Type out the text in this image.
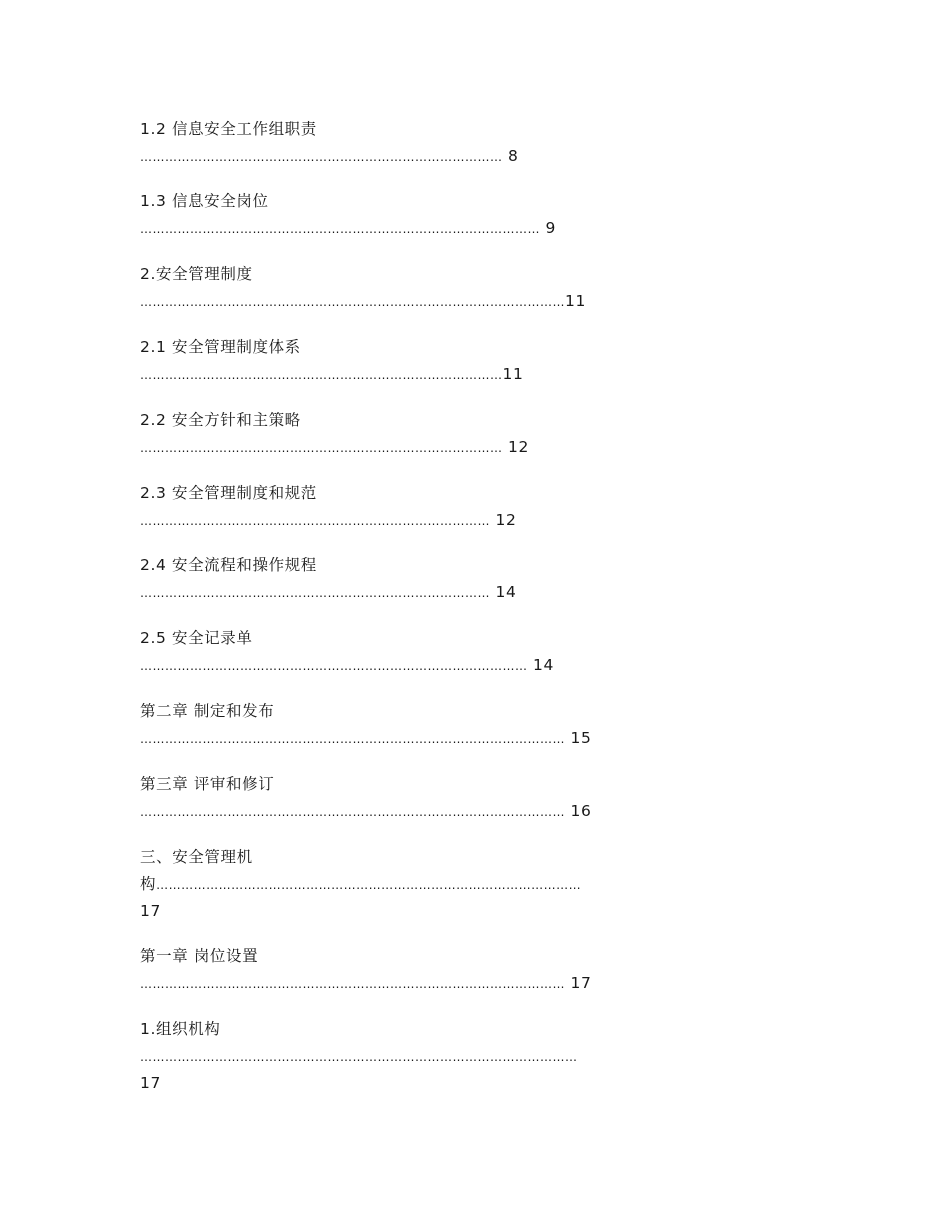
1.2 信息安全工作组职责
…………………………………………………………………………… 8
1.3 信息安全岗位
…………………………………………………………………………………… 9
2.安全管理制度
…………………………………………………………………………………………11
2.1 安全管理制度体系
……………………………………………………………………………11
2.2 安全方针和主策略
…………………………………………………………………………… 12
2.3 安全管理制度和规范
………………………………………………………………………… 12
2.4 安全流程和操作规程
………………………………………………………………………… 14
2.5 安全记录单
………………………………………………………………………………… 14
第二章 制定和发布
………………………………………………………………………………………… 15
第三章 评审和修订
………………………………………………………………………………………… 16
三、安全管理机
构…………………………………………………………………………………………
17
第一章 岗位设置
………………………………………………………………………………………… 17
1.组织机构
……………………………………………………………………………………………
17
